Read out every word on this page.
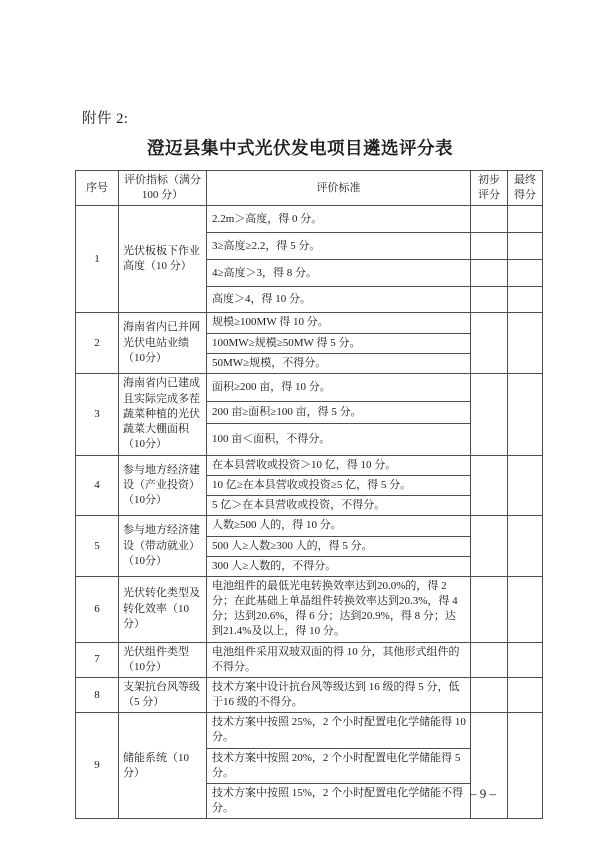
附件 2:
澄迈县集中式光伏发电项目遴选评分表
序号	评价指标（满分100 分）	评价标准	初步评分	最终得分
1	光伏板板下作业高度（10 分）	2.2m＞高度，得 0 分。		
		3≥高度≥2.2，得 5 分。		
		4≥高度＞3，得 8 分。		
		高度＞4，得 10 分。		
2	海南省内已并网光伏电站业绩（10分）	规模≥100MW 得 10 分。		
		100MW≥规模≥50MW 得 5 分。		
		50MW≥规模，不得分。		
3	海南省内已建成且实际完成多茬蔬菜种植的光伏蔬菜大棚面积（10分）	面积≥200 亩，得 10 分。		
		200 亩≥面积≥100 亩，得 5 分。		
		100 亩＜面积，不得分。		
4	参与地方经济建设（产业投资）（10分）	在本县营收或投资＞10 亿，得 10 分。		
		10 亿≥在本县营收或投资≥5 亿，得 5 分。		
		5 亿＞在本县营收或投资，不得分。		
5	参与地方经济建设（带动就业）（10分）	人数≥500 人的，得 10 分。		
		500 人≥人数≥300 人的，得 5 分。		
		300 人≥人数的，不得分。		
6	光伏转化类型及转化效率（10 分）	电池组件的最低光电转换效率达到20.0%的，得 2 分；在此基础上单晶组件转换效率达到20.3%，得 4 分；达到20.6%，得 6 分；达到20.9%，得 8 分；达到21.4%及以上，得 10 分。		
7	光伏组件类型（10分）	电池组件采用双玻双面的得 10 分，其他形式组件的不得分。		
8	支架抗台风等级（5 分）	技术方案中设计抗台风等级达到 16 级的得 5 分，低于16 级的不得分。		
9	储能系统（10 分）	技术方案中按照 25%，2 个小时配置电化学储能得 10 分。		
		技术方案中按照 20%，2 个小时配置电化学储能得 5 分。		
		技术方案中按照 15%，2 个小时配置电化学储能不得分。		
– 9 –
